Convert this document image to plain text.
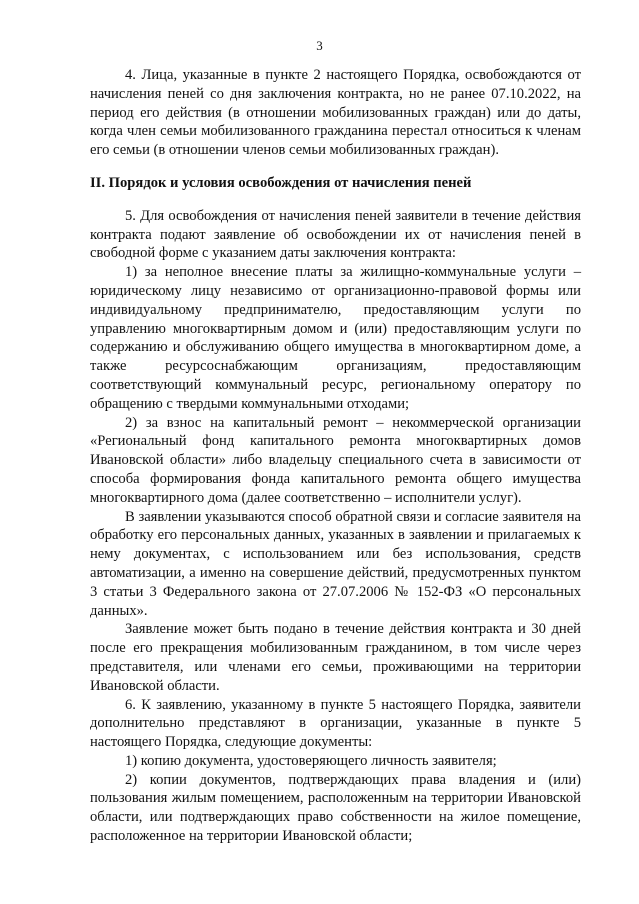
3

4. Лица, указанные в пункте 2 настоящего Порядка, освобождаются от начисления пеней со дня заключения контракта, но не ранее 07.10.2022, на период его действия (в отношении мобилизованных граждан) или до даты, когда член семьи мобилизованного гражданина перестал относиться к членам его семьи (в отношении членов семьи мобилизованных граждан).

II. Порядок и условия освобождения от начисления пеней

5. Для освобождения от начисления пеней заявители в течение действия контракта подают заявление об освобождении их от начисления пеней в свободной форме с указанием даты заключения контракта:

1) за неполное внесение платы за жилищно-коммунальные услуги – юридическому лицу независимо от организационно-правовой формы или индивидуальному предпринимателю, предоставляющим услуги по управлению многоквартирным домом и (или) предоставляющим услуги по содержанию и обслуживанию общего имущества в многоквартирном доме, а также ресурсоснабжающим организациям, предоставляющим соответствующий коммунальный ресурс, региональному оператору по обращению с твердыми коммунальными отходами;

2) за взнос на капитальный ремонт – некоммерческой организации «Региональный фонд капитального ремонта многоквартирных домов Ивановской области» либо владельцу специального счета в зависимости от способа формирования фонда капитального ремонта общего имущества многоквартирного дома (далее соответственно – исполнители услуг).

В заявлении указываются способ обратной связи и согласие заявителя на обработку его персональных данных, указанных в заявлении и прилагаемых к нему документах, с использованием или без использования, средств автоматизации, а именно на совершение действий, предусмотренных пунктом 3 статьи 3 Федерального закона от 27.07.2006 № 152-ФЗ «О персональных данных».

Заявление может быть подано в течение действия контракта и 30 дней после его прекращения мобилизованным гражданином, в том числе через представителя, или членами его семьи, проживающими на территории Ивановской области.

6. К заявлению, указанному в пункте 5 настоящего Порядка, заявители дополнительно представляют в организации, указанные в пункте 5 настоящего Порядка, следующие документы:

1) копию документа, удостоверяющего личность заявителя;

2) копии документов, подтверждающих права владения и (или) пользования жилым помещением, расположенным на территории Ивановской области, или подтверждающих право собственности на жилое помещение, расположенное на территории Ивановской области;
